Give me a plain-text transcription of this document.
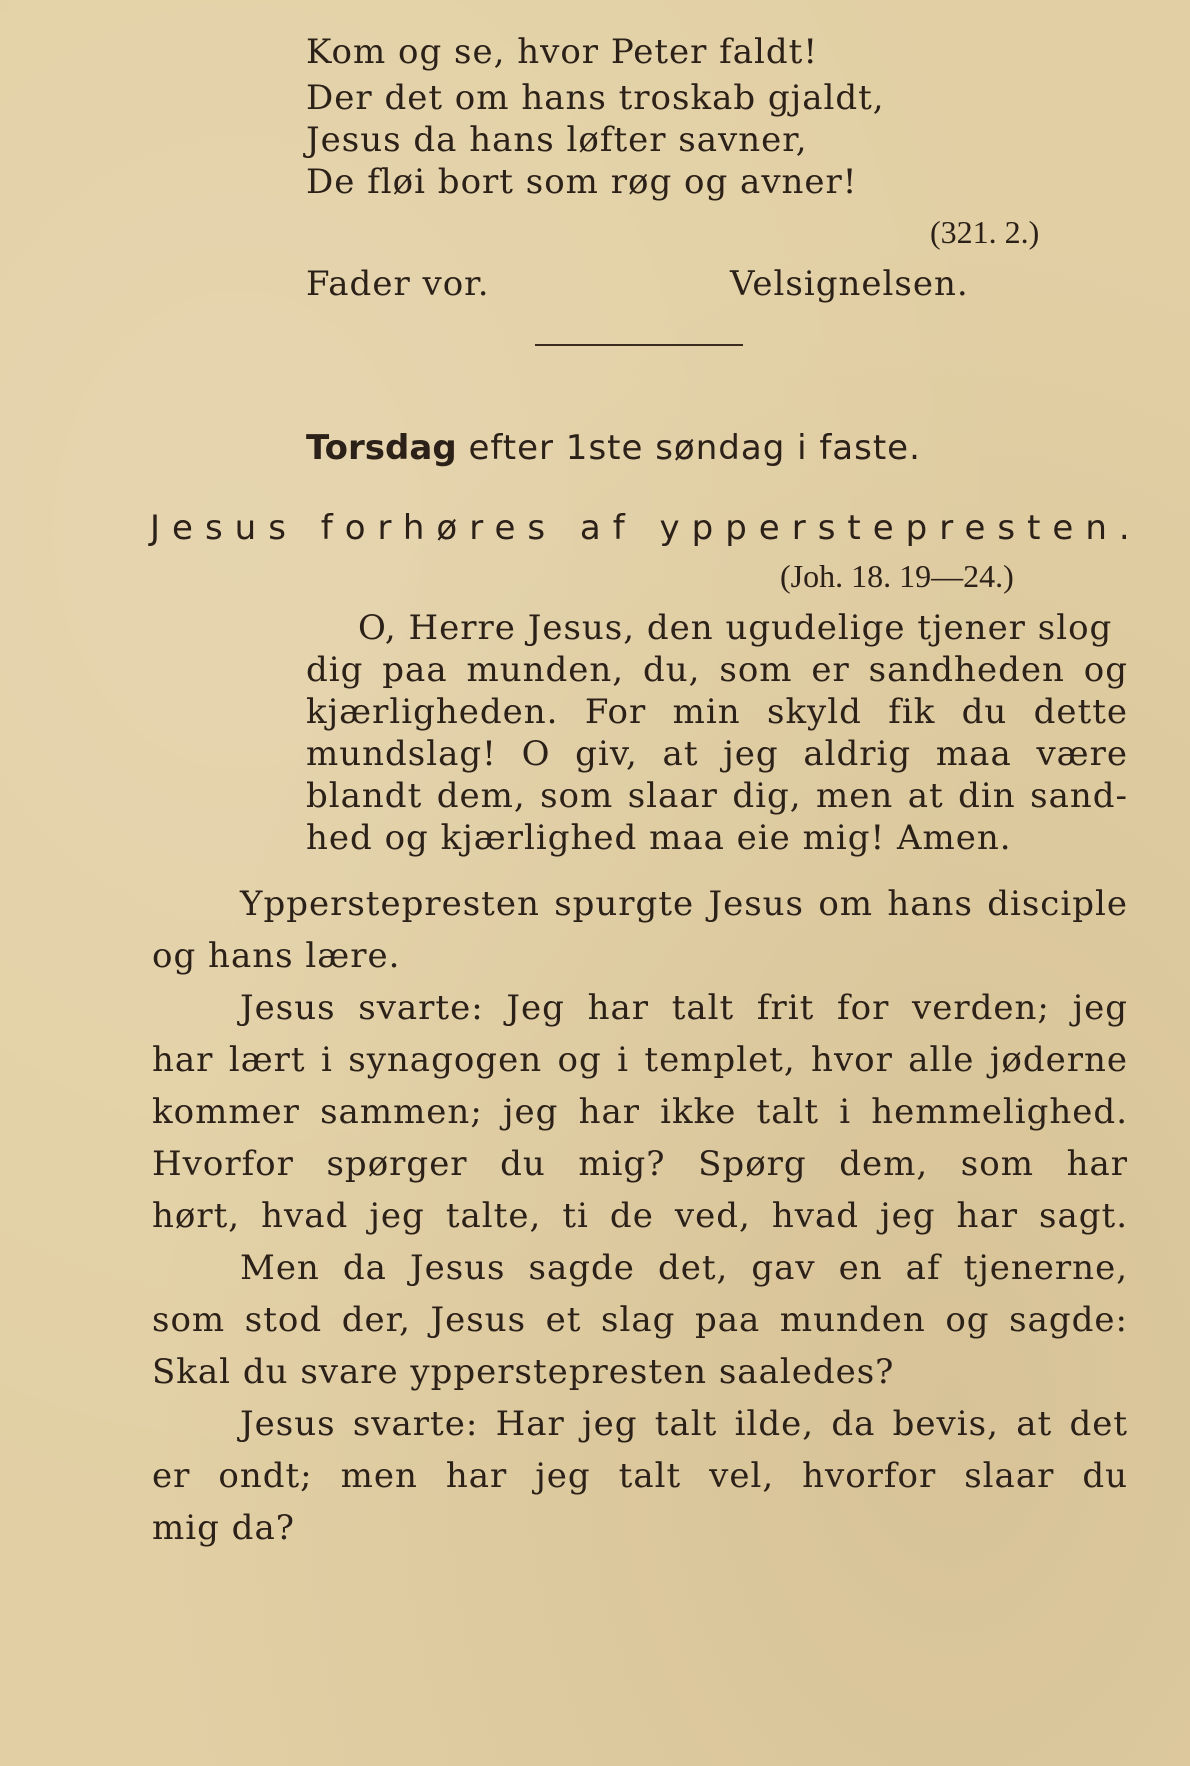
Kom og se, hvor Peter faldt!
Der det om hans troskab gjaldt,
Jesus da hans løfter savner,
De fløi bort som røg og avner!
(321. 2.)
Fader vor.	Velsignelsen.
Torsdag efter 1ste søndag i faste.
Jesus forhøres af ypperstepresten.
(Joh. 18. 19—24.)
O, Herre Jesus, den ugudelige tjener slog
dig paa munden, du, som er sandheden og
kjærligheden. For min skyld fik du dette
mundslag! O giv, at jeg aldrig maa være
blandt dem, som slaar dig, men at din sand-
hed og kjærlighed maa eie mig! Amen.
Ypperstepresten spurgte Jesus om hans disciple
og hans lære.
Jesus svarte: Jeg har talt frit for verden; jeg
har lært i synagogen og i templet, hvor alle jøderne
kommer sammen; jeg har ikke talt i hemmelighed.
Hvorfor spørger du mig? Spørg dem, som har
hørt, hvad jeg talte, ti de ved, hvad jeg har sagt.
Men da Jesus sagde det, gav en af tjenerne,
som stod der, Jesus et slag paa munden og sagde:
Skal du svare ypperstepresten saaledes?
Jesus svarte: Har jeg talt ilde, da bevis, at det
er ondt; men har jeg talt vel, hvorfor slaar du
mig da?
